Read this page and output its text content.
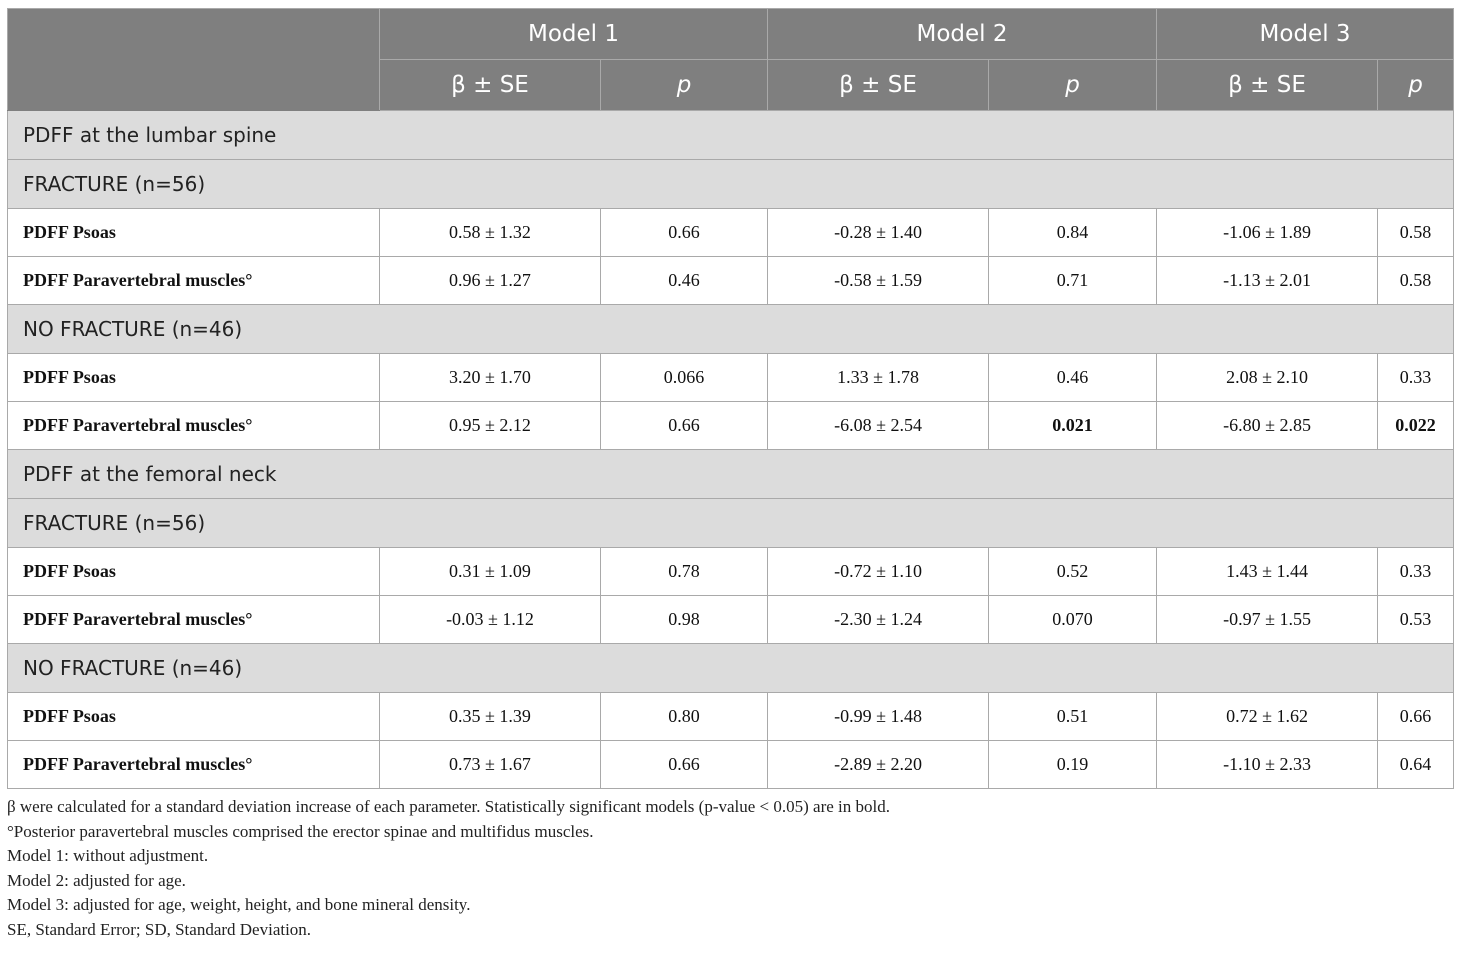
	Model 1		Model 2		Model 3	
	β ± SE	p	β ± SE	p	β ± SE	p
PDFF at the lumbar spine						
FRACTURE (n=56)						
PDFF Psoas	0.58 ± 1.32	0.66	-0.28 ± 1.40	0.84	-1.06 ± 1.89	0.58
PDFF Paravertebral muscles°	0.96 ± 1.27	0.46	-0.58 ± 1.59	0.71	-1.13 ± 2.01	0.58
NO FRACTURE (n=46)						
PDFF Psoas	3.20 ± 1.70	0.066	1.33 ± 1.78	0.46	2.08 ± 2.10	0.33
PDFF Paravertebral muscles°	0.95 ± 2.12	0.66	-6.08 ± 2.54	0.021	-6.80 ± 2.85	0.022
PDFF at the femoral neck						
FRACTURE (n=56)						
PDFF Psoas	0.31 ± 1.09	0.78	-0.72 ± 1.10	0.52	1.43 ± 1.44	0.33
PDFF Paravertebral muscles°	-0.03 ± 1.12	0.98	-2.30 ± 1.24	0.070	-0.97 ± 1.55	0.53
NO FRACTURE (n=46)						
PDFF Psoas	0.35 ± 1.39	0.80	-0.99 ± 1.48	0.51	0.72 ± 1.62	0.66
PDFF Paravertebral muscles°	0.73 ± 1.67	0.66	-2.89 ± 2.20	0.19	-1.10 ± 2.33	0.64
β were calculated for a standard deviation increase of each parameter. Statistically significant models (p-value < 0.05) are in bold.
°Posterior paravertebral muscles comprised the erector spinae and multifidus muscles.
Model 1: without adjustment.
Model 2: adjusted for age.
Model 3: adjusted for age, weight, height, and bone mineral density.
SE, Standard Error; SD, Standard Deviation.
